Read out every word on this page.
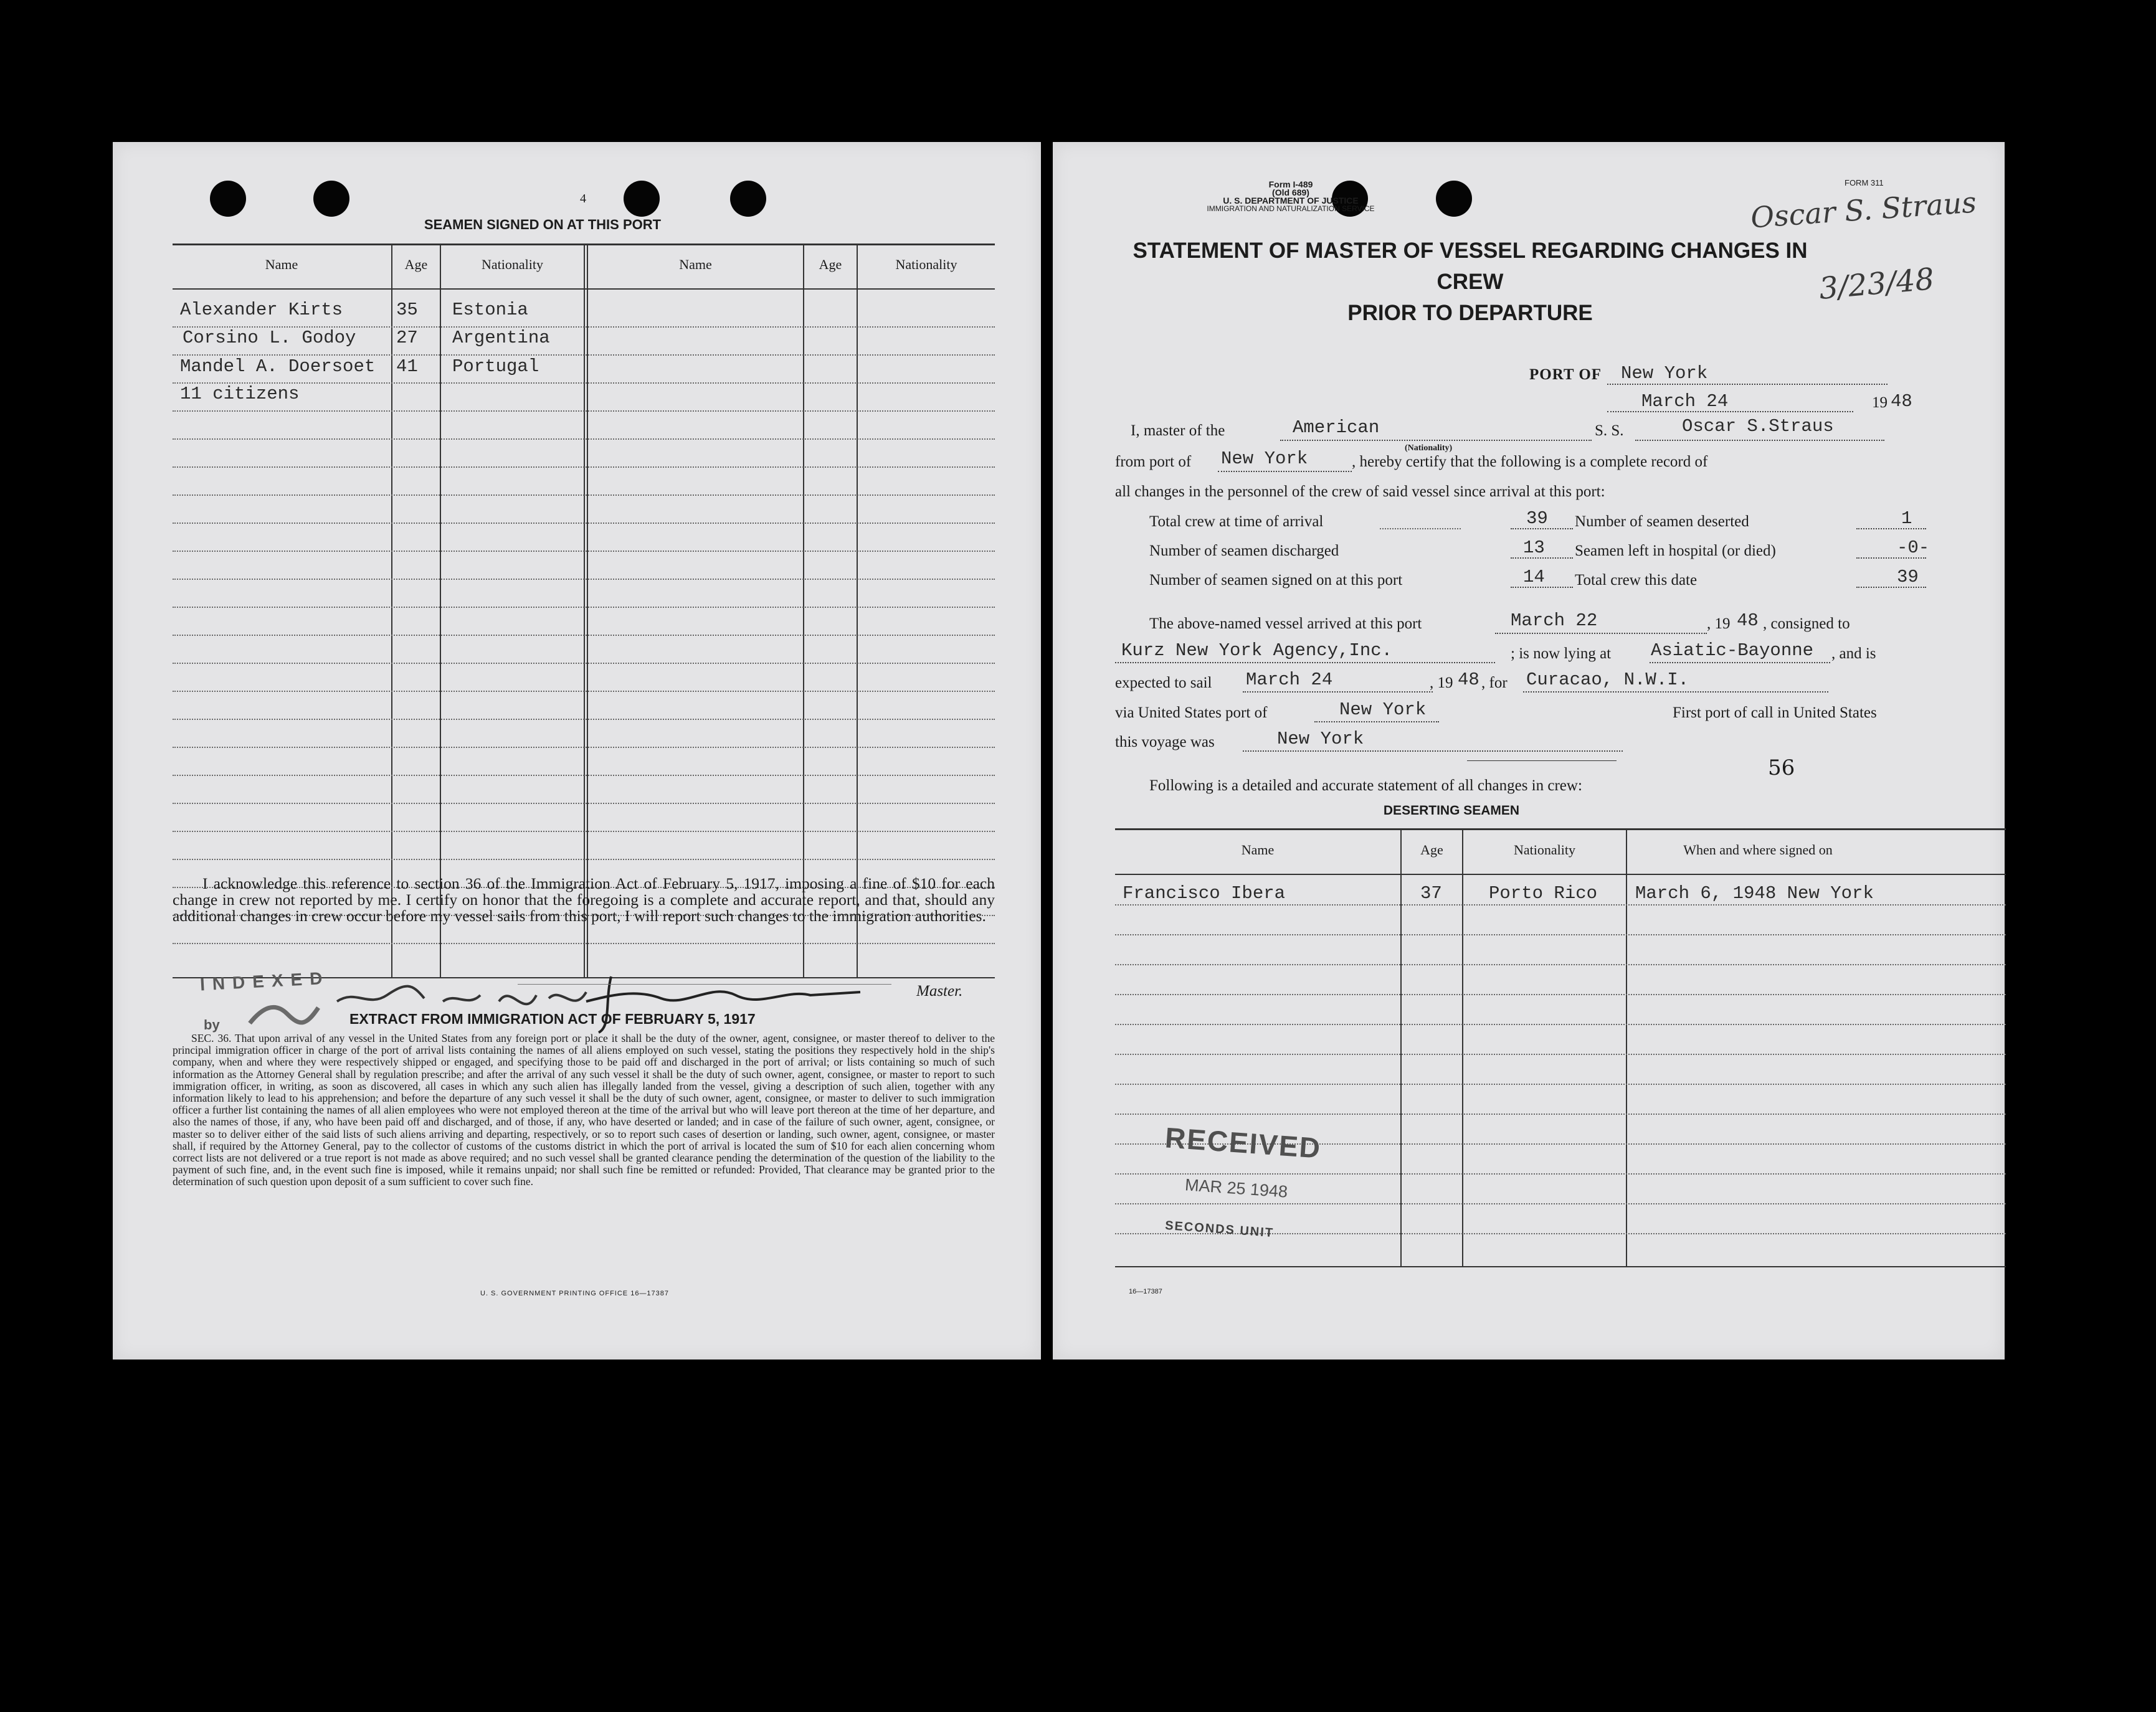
4
SEAMEN SIGNED ON AT THIS PORT
Name	Age	Nationality	Name	Age	Nationality
Alexander Kirts	35 Estonia
Corsino L. Godoy 27 Argentina
Mandel A. Doersoet 41 Portugal
11 citizens
I acknowledge this reference to section 36 of the Immigration Act of February 5, 1917, imposing a fine of $10 for each change in crew not reported by me. I certify on honor that the foregoing is a complete and accurate report, and that, should any additional changes in crew occur before my vessel sails from this port, I will report such changes to the immigration authorities.
INDEXED
by
Master.
EXTRACT FROM IMMIGRATION ACT OF FEBRUARY 5, 1917
SEC. 36. That upon arrival of any vessel in the United States from any foreign port or place it shall be the duty of the owner, agent, consignee, or master thereof to deliver to the principal immigration officer in charge of the port of arrival lists containing the names of all aliens employed on such vessel, stating the positions they respectively hold in the ship's company, when and where they were respectively shipped or engaged, and specifying those to be paid off and discharged in the port of arrival; or lists containing so much of such information as the Attorney General shall by regulation prescribe; and after the arrival of any such vessel it shall be the duty of such owner, agent, consignee, or master to report to such immigration officer, in writing, as soon as discovered, all cases in which any such alien has illegally landed from the vessel, giving a description of such alien, together with any information likely to lead to his apprehension; and before the departure of any such vessel it shall be the duty of such owner, agent, consignee, or master to deliver to such immigration officer a further list containing the names of all alien employees who were not employed thereon at the time of the arrival but who will leave port thereon at the time of her departure, and also the names of those, if any, who have been paid off and discharged, and of those, if any, who have deserted or landed; and in case of the failure of such owner, agent, consignee, or master so to deliver either of the said lists of such aliens arriving and departing, respectively, or so to report such cases of desertion or landing, such owner, agent, consignee, or master shall, if required by the Attorney General, pay to the collector of customs of the customs district in which the port of arrival is located the sum of $10 for each alien concerning whom correct lists are not delivered or a true report is not made as above required; and no such vessel shall be granted clearance pending the determination of the question of the liability to the payment of such fine, and, in the event such fine is imposed, while it remains unpaid; nor shall such fine be remitted or refunded: Provided, That clearance may be granted prior to the determination of such question upon deposit of a sum sufficient to cover such fine.
U. S. GOVERNMENT PRINTING OFFICE 16—17387
Form I-489
(Old 689)
U. S. DEPARTMENT OF JUSTICE
IMMIGRATION AND NATURALIZATION SERVICE
FORM 311
Oscar S. Straus
3/23/48
STATEMENT OF MASTER OF VESSEL REGARDING CHANGES IN CREW
PRIOR TO DEPARTURE
PORT OF New York
March 24	19 48
I, master of the	American
(Nationality)
S. S.	Oscar S.Straus
from port of New York	, hereby certify that the following is a complete record of
all changes in the personnel of the crew of said vessel since arrival at this port:
Total crew at time of arrival	39 Number of seamen deserted	1
Number of seamen discharged	13 Seamen left in hospital (or died)	-0-
Number of seamen signed on at this port	14 Total crew this date	39
The above-named vessel arrived at this port	March 22	, 19 48 , consigned to
Kurz New York Agency,Inc.	; is now lying at Asiatic-Bayonne , and is
expected to sail March 24	, 19 48 , for Curacao, N.W.I.
via United States port of	New York	First port of call in United States
this voyage was	New York
56
Following is a detailed and accurate statement of all changes in crew:
DESERTING SEAMEN
Name	Age	Nationality	When and where signed on
Francisco Ibera	37	Porto Rico March 6, 1948 New York
RECEIVED
MAR 25 1948
SECONDS UNIT
16—17387
